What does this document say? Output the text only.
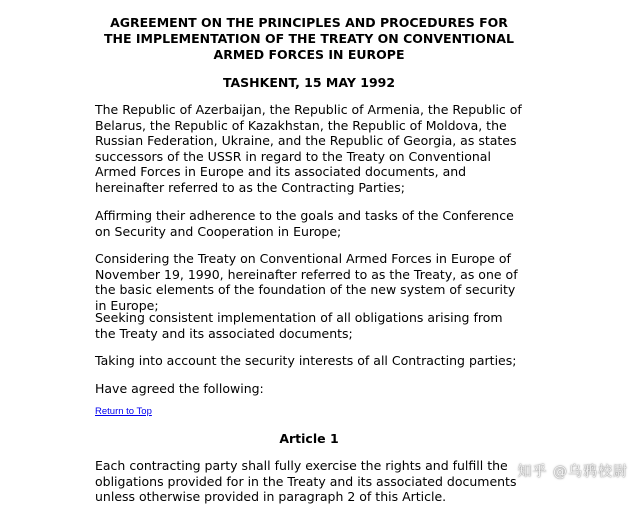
AGREEMENT ON THE PRINCIPLES AND PROCEDURES FOR THE IMPLEMENTATION OF THE TREATY ON CONVENTIONAL ARMED FORCES IN EUROPE
TASHKENT, 15 MAY 1992

The Republic of Azerbaijan, the Republic of Armenia, the Republic of Belarus, the Republic of Kazakhstan, the Republic of Moldova, the Russian Federation, Ukraine, and the Republic of Georgia, as states successors of the USSR in regard to the Treaty on Conventional Armed Forces in Europe and its associated documents, and hereinafter referred to as the Contracting Parties;

Affirming their adherence to the goals and tasks of the Conference on Security and Cooperation in Europe;

Considering the Treaty on Conventional Armed Forces in Europe of November 19, 1990, hereinafter referred to as the Treaty, as one of the basic elements of the foundation of the new system of security in Europe;

Seeking consistent implementation of all obligations arising from the Treaty and its associated documents;

Taking into account the security interests of all Contracting parties;

Have agreed the following:

Return to Top
Article 1

Each contracting party shall fully exercise the rights and fulfill the obligations provided for in the Treaty and its associated documents unless otherwise provided in paragraph 2 of this Article.

知乎 @乌鸦校尉
